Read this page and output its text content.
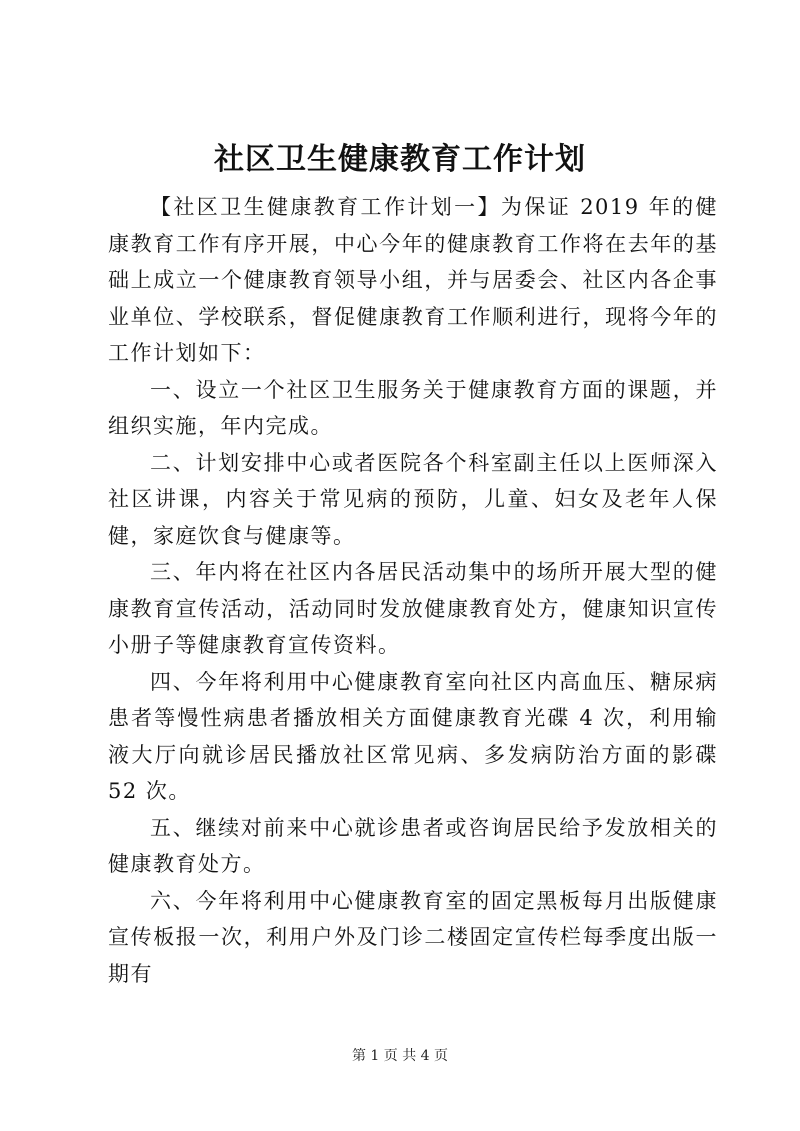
社区卫生健康教育工作计划

【社区卫生健康教育工作计划一】为保证 2019 年的健康教育工作有序开展，中心今年的健康教育工作将在去年的基础上成立一个健康教育领导小组，并与居委会、社区内各企事业单位、学校联系，督促健康教育工作顺利进行，现将今年的工作计划如下：

一、设立一个社区卫生服务关于健康教育方面的课题，并组织实施，年内完成。

二、计划安排中心或者医院各个科室副主任以上医师深入社区讲课，内容关于常见病的预防，儿童、妇女及老年人保健，家庭饮食与健康等。

三、年内将在社区内各居民活动集中的场所开展大型的健康教育宣传活动，活动同时发放健康教育处方，健康知识宣传小册子等健康教育宣传资料。

四、今年将利用中心健康教育室向社区内高血压、糖尿病患者等慢性病患者播放相关方面健康教育光碟 4 次，利用输液大厅向就诊居民播放社区常见病、多发病防治方面的影碟 52 次。

五、继续对前来中心就诊患者或咨询居民给予发放相关的健康教育处方。

六、今年将利用中心健康教育室的固定黑板每月出版健康宣传板报一次，利用户外及门诊二楼固定宣传栏每季度出版一期有

第 1 页 共 4 页
